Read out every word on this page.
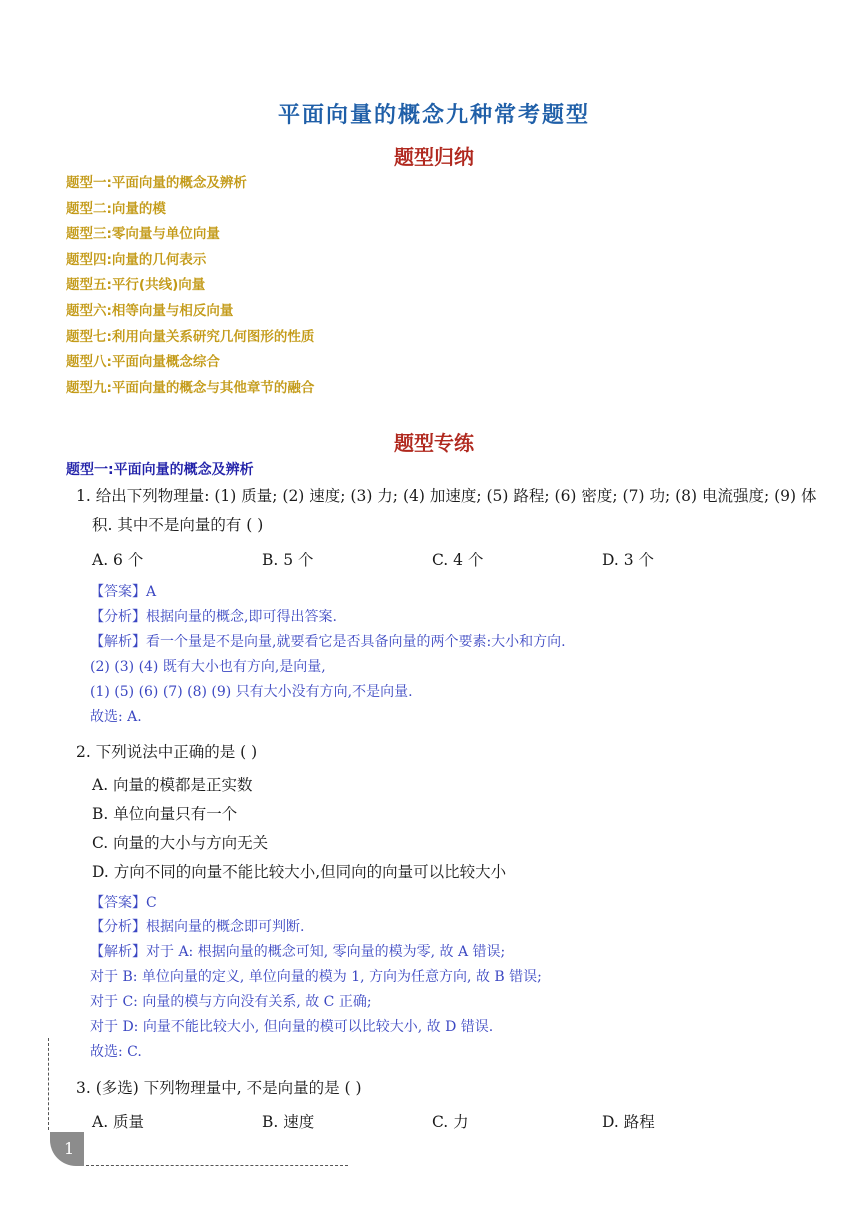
平面向量的概念九种常考题型
题型归纳
题型一:平面向量的概念及辨析
题型二:向量的模
题型三:零向量与单位向量
题型四:向量的几何表示
题型五:平行(共线)向量
题型六:相等向量与相反向量
题型七:利用向量关系研究几何图形的性质
题型八:平面向量概念综合
题型九:平面向量的概念与其他章节的融合
题型专练
题型一:平面向量的概念及辨析
1. 给出下列物理量: (1) 质量; (2) 速度; (3) 力; (4) 加速度; (5) 路程; (6) 密度; (7) 功; (8) 电流强度; (9) 体
积. 其中不是向量的有 ( )
A. 6 个	B. 5 个	C. 4 个	D. 3 个
【答案】A
【分析】根据向量的概念,即可得出答案.
【解析】看一个量是不是向量,就要看它是否具备向量的两个要素:大小和方向.
(2) (3) (4) 既有大小也有方向,是向量,
(1) (5) (6) (7) (8) (9) 只有大小没有方向,不是向量.
故选: A.
2. 下列说法中正确的是 ( )
A. 向量的模都是正实数
B. 单位向量只有一个
C. 向量的大小与方向无关
D. 方向不同的向量不能比较大小,但同向的向量可以比较大小
【答案】C
【分析】根据向量的概念即可判断.
【解析】对于 A: 根据向量的概念可知, 零向量的模为零, 故 A 错误;
对于 B: 单位向量的定义, 单位向量的模为 1, 方向为任意方向, 故 B 错误;
对于 C: 向量的模与方向没有关系, 故 C 正确;
对于 D: 向量不能比较大小, 但向量的模可以比较大小, 故 D 错误.
故选: C.
3. (多选) 下列物理量中, 不是向量的是 ( )
A. 质量	B. 速度	C. 力	D. 路程
1
